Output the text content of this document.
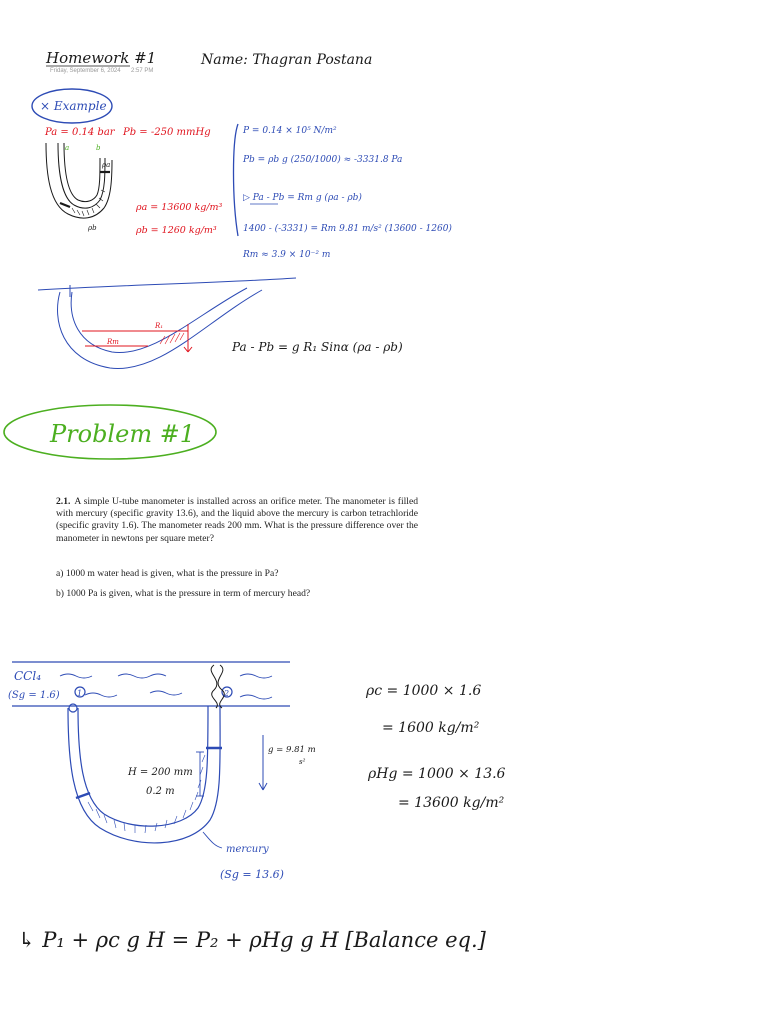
Homework #1	Name: Thagran Postana
Friday, September 6, 2024 2:57 PM
× Example
Pa = 0.14 bar Pb = -250 mmHg
ρa = 13600 kg/m³
ρb = 1260 kg/m³
a	b
ρa
ρb
P = 0.14 × 10⁵ N/m²
Pb = ρb g (250/1000) ≈ -3331.8 Pa
▷ Pa - Pb = Rm g (ρa - ρb)
1400 - (-3331) = Rm 9.81 m/s² (13600 - 1260)
Rm ≈ 3.9 × 10⁻² m
R₁
Rm	Pa - Pb = g R₁ Sinα (ρa - ρb)
Problem #1
1	2
CCl₄
(Sg = 1.6)
H = 200 mm
0.2 m
g = 9.81 m
s²
mercury
(Sg = 13.6)
ρc = 1000 × 1.6
= 1600 kg/m²
ρHg = 1000 × 13.6
= 13600 kg/m²
↳ P₁ + ρc g H = P₂ + ρHg g H [Balance eq.]
2.1. A simple U-tube manometer is installed across an orifice meter. The manometer is filled with mercury (specific gravity 13.6), and the liquid above the mercury is carbon tetrachloride (specific gravity 1.6). The manometer reads 200 mm. What is the pressure difference over the manometer in newtons per square meter?
a) 1000 m water head is given, what is the pressure in Pa?
b) 1000 Pa is given, what is the pressure in term of mercury head?
